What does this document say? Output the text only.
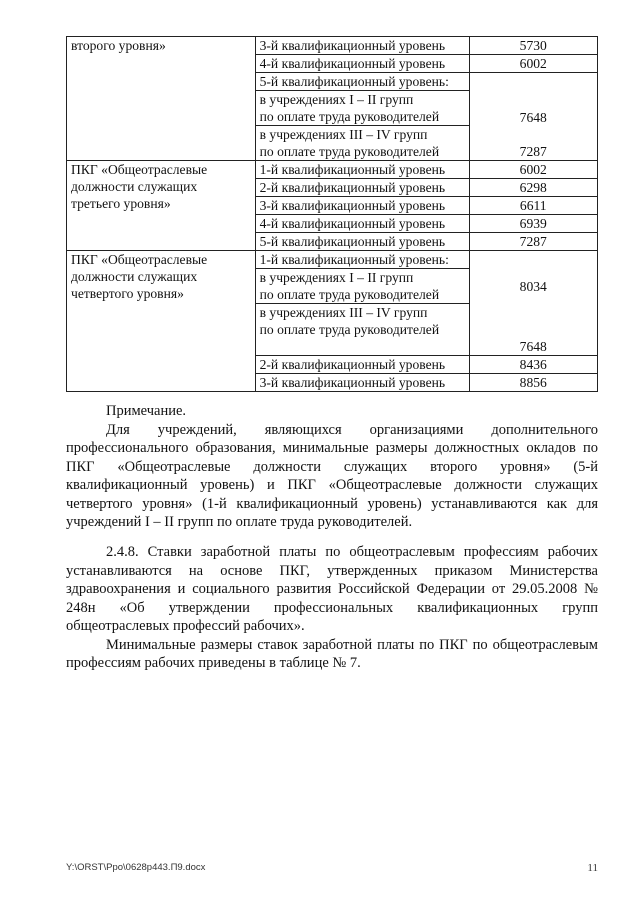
второго уровня»	3-й квалификационный уровень	5730
	4-й квалификационный уровень	6002
	5-й квалификационный уровень:	
	в учреждениях I – II групп	7648
	по оплате труда руководителей	
	в учреждениях III – IV групп	7287
	по оплате труда руководителей	

ПКГ «Общеотраслевые
должности служащих
третьего уровня»	1-й квалификационный уровень	6002
	2-й квалификационный уровень	6298
	3-й квалификационный уровень	6611
	4-й квалификационный уровень	6939
	5-й квалификационный уровень	7287

ПКГ «Общеотраслевые
должности служащих
четвертого уровня»	1-й квалификационный уровень:	
	в учреждениях I – II групп	8034
	по оплате труда руководителей	
	в учреждениях III – IV групп	7648
	по оплате труда руководителей	

	2-й квалификационный уровень	8436
	3-й квалификационный уровень	8856

Примечание.

Для учреждений, являющихся организациями дополнительного профессионального образования, минимальные размеры должностных окладов по ПКГ «Общеотраслевые должности служащих второго уровня» (5-й квалификационный уровень) и ПКГ «Общеотраслевые должности служащих четвертого уровня» (1-й квалификационный уровень) устанавливаются как для учреждений I – II групп по оплате труда руководителей.

2.4.8. Ставки заработной платы по общеотраслевым профессиям рабочих устанавливаются на основе ПКГ, утвержденных приказом Министерства здравоохранения и социального развития Российской Федерации от 29.05.2008 № 248н «Об утверждении профессиональных квалификационных групп общеотраслевых профессий рабочих».

Минимальные размеры ставок заработной платы по ПКГ по общеотраслевым профессиям рабочих приведены в таблице № 7.

Y:\ORST\Ppo\0628p443.П9.docx	11
